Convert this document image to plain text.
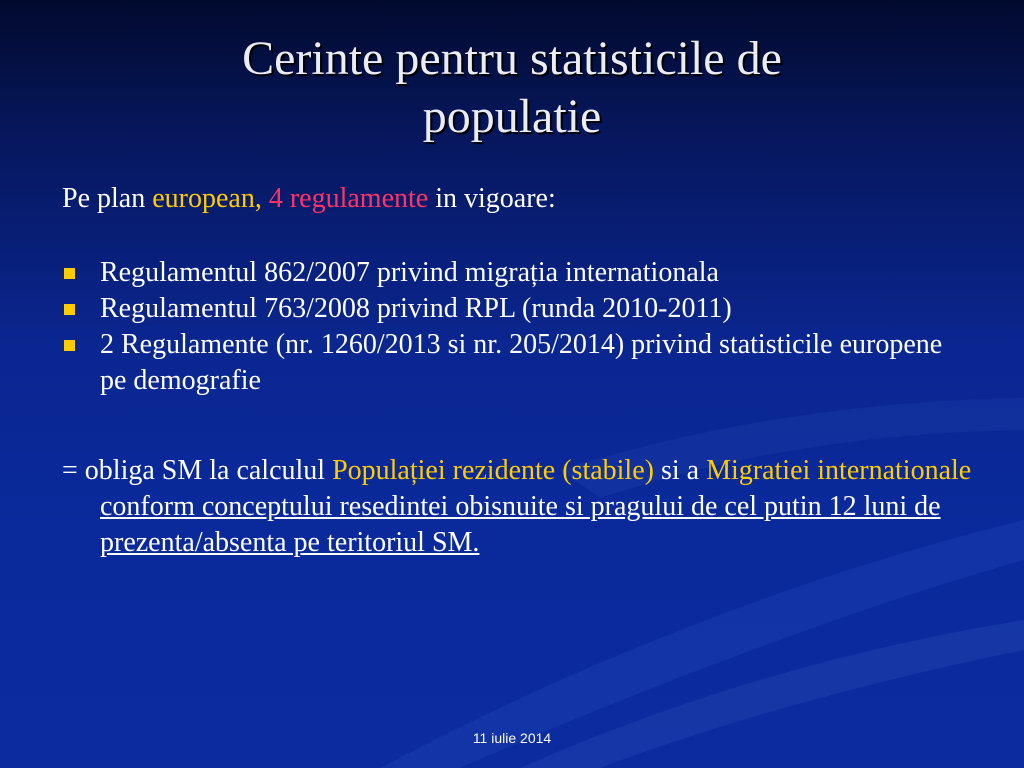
Cerinte pentru statisticile de
populatie
Pe plan european, 4 regulamente in vigoare:
Regulamentul 862/2007 privind migrația internationala
Regulamentul 763/2008 privind RPL (runda 2010-2011)
2 Regulamente (nr. 1260/2013 si nr. 205/2014) privind statisticile europene pe demografie
= obliga SM la calculul Populației rezidente (stabile) si a Migratiei internationale conform conceptului resedintei obisnuite si pragului de cel putin 12 luni de prezenta/absenta pe teritoriul SM.
11 iulie 2014
